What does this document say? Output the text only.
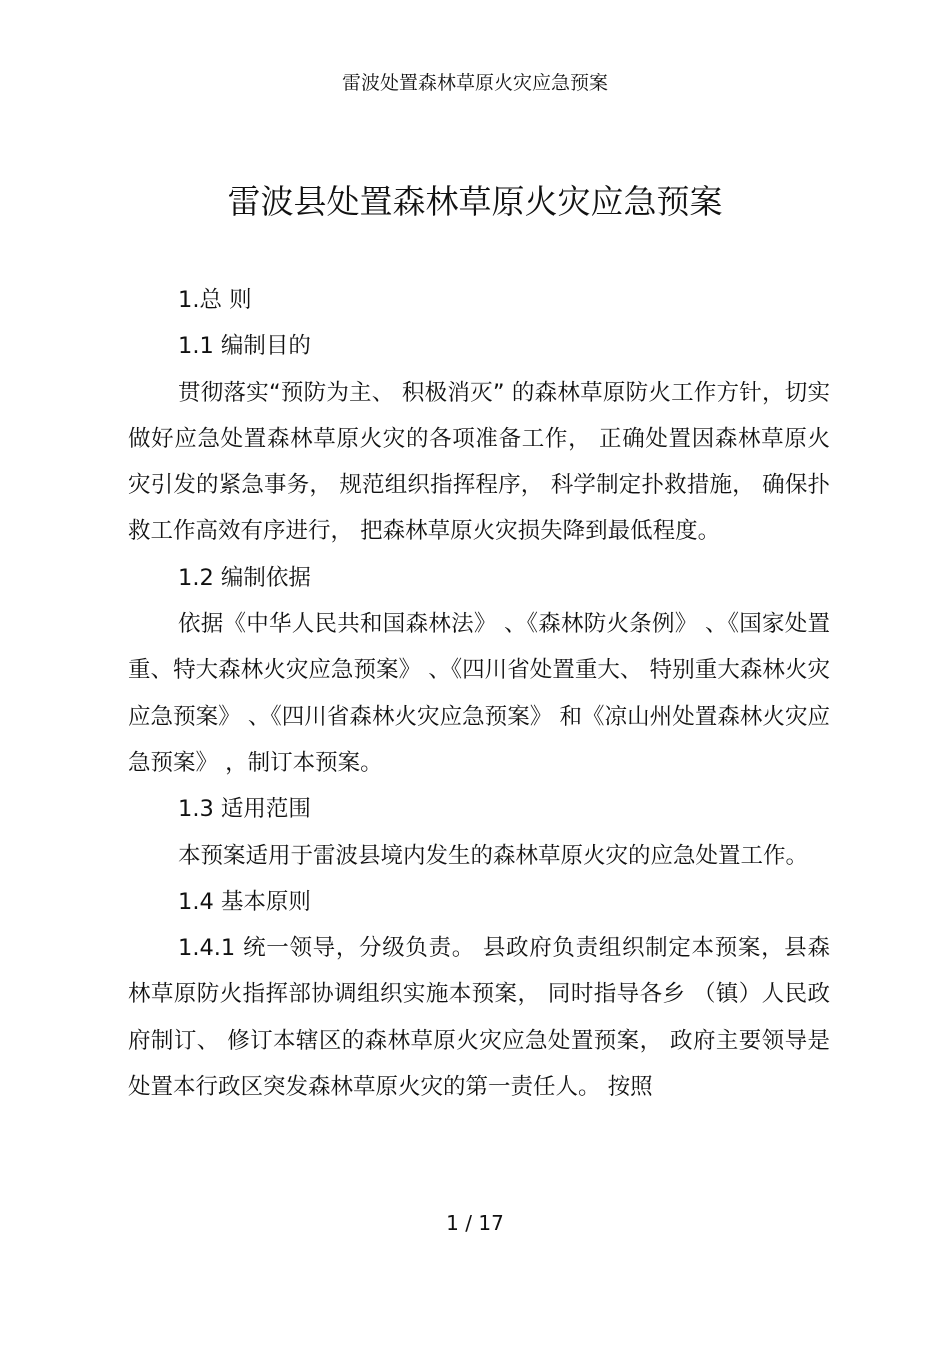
雷波处置森林草原火灾应急预案
雷波县处置森林草原火灾应急预案

1.总 则

1.1 编制目的

贯彻落实“预防为主、 积极消灭” 的森林草原防火工作方针，切实做好应急处置森林草原火灾的各项准备工作， 正确处置因森林草原火灾引发的紧急事务， 规范组织指挥程序， 科学制定扑救措施， 确保扑救工作高效有序进行， 把森林草原火灾损失降到最低程度。

1.2 编制依据

依据《中华人民共和国森林法》 、《森林防火条例》 、《国家处置重、特大森林火灾应急预案》 、《四川省处置重大、 特别重大森林火灾应急预案》 、《四川省森林火灾应急预案》 和《凉山州处置森林火灾应急预案》 ，制订本预案。

1.3 适用范围

本预案适用于雷波县境内发生的森林草原火灾的应急处置工作。

1.4 基本原则

1.4.1 统一领导，分级负责。 县政府负责组织制定本预案，县森林草原防火指挥部协调组织实施本预案， 同时指导各乡 （镇）人民政府制订、 修订本辖区的森林草原火灾应急处置预案， 政府主要领导是处置本行政区突发森林草原火灾的第一责任人。 按照

1 / 17
